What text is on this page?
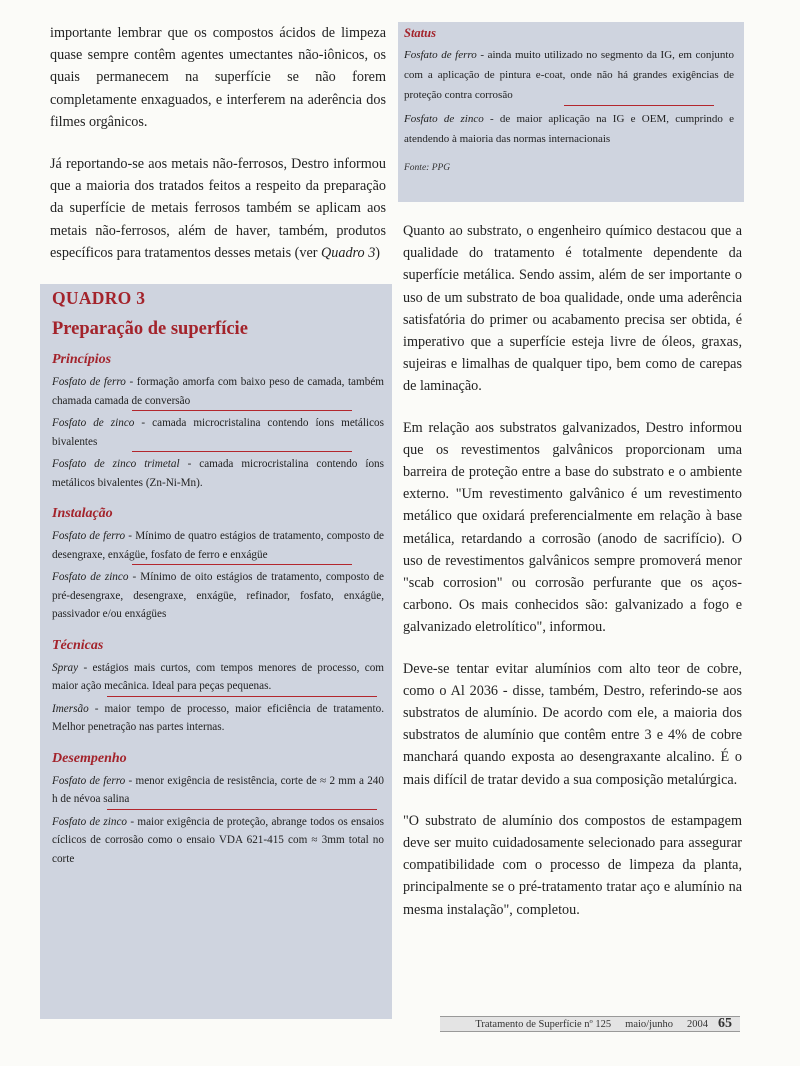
importante lembrar que os compostos ácidos de limpeza quase sempre contêm agentes umectantes não-iônicos, os quais permanecem na superfície se não forem completamente enxaguados, e interferem na aderência dos filmes orgânicos.

Já reportando-se aos metais não-ferrosos, Destro informou que a maioria dos tratados feitos a respeito da preparação da superfície de metais ferrosos também se aplicam aos metais não-ferrosos, além de haver, também, produtos específicos para tratamentos desses metais (ver Quadro 3)

QUADRO 3
Preparação de superfície
Princípios

Fosfato de ferro - formação amorfa com baixo peso de camada, também chamada camada de conversão

Fosfato de zinco - camada microcristalina contendo íons metálicos bivalentes

Fosfato de zinco trimetal - camada microcristalina contendo íons metálicos bivalentes (Zn-Ni-Mn).

Instalação

Fosfato de ferro - Mínimo de quatro estágios de tratamento, composto de desengraxe, enxágüe, fosfato de ferro e enxágüe

Fosfato de zinco - Mínimo de oito estágios de tratamento, composto de pré-desengraxe, desengraxe, enxágüe, refinador, fosfato, enxágüe, passivador e/ou enxágües

Técnicas

Spray - estágios mais curtos, com tempos menores de processo, com maior ação mecânica. Ideal para peças pequenas.

Imersão - maior tempo de processo, maior eficiência de tratamento. Melhor penetração nas partes internas.

Desempenho

Fosfato de ferro - menor exigência de resistência, corte de ≈ 2 mm a 240 h de névoa salina

Fosfato de zinco - maior exigência de proteção, abrange todos os ensaios cíclicos de corrosão como o ensaio VDA 621-415 com ≈ 3mm total no corte

Status

Fosfato de ferro - ainda muito utilizado no segmento da IG, em conjunto com a aplicação de pintura e-coat, onde não há grandes exigências de proteção contra corrosão

Fosfato de zinco - de maior aplicação na IG e OEM, cumprindo e atendendo à maioria das normas internacionais

Fonte: PPG

Quanto ao substrato, o engenheiro químico destacou que a qualidade do tratamento é totalmente dependente da superfície metálica. Sendo assim, além de ser importante o uso de um substrato de boa qualidade, onde uma aderência satisfatória do primer ou acabamento precisa ser obtida, é imperativo que a superfície esteja livre de óleos, graxas, sujeiras e limalhas de qualquer tipo, bem como de carepas de laminação.

Em relação aos substratos galvanizados, Destro informou que os revestimentos galvânicos proporcionam uma barreira de proteção entre a base do substrato e o ambiente externo. "Um revestimento galvânico é um revestimento metálico que oxidará preferencialmente em relação à base metálica, retardando a corrosão (anodo de sacrifício). O uso de revestimentos galvânicos sempre promoverá menor "scab corrosion" ou corrosão perfurante que os aços-carbono. Os mais conhecidos são: galvanizado a fogo e galvanizado eletrolítico", informou.

Deve-se tentar evitar alumínios com alto teor de cobre, como o Al 2036 - disse, também, Destro, referindo-se aos substratos de alumínio. De acordo com ele, a maioria dos substratos de alumínio que contêm entre 3 e 4% de cobre manchará quando exposta ao desengraxante alcalino. É o mais difícil de tratar devido a sua composição metalúrgica.

"O substrato de alumínio dos compostos de estampagem deve ser muito cuidadosamente selecionado para assegurar compatibilidade com o processo de limpeza da planta, principalmente se o pré-tratamento tratar aço e alumínio na mesma instalação", completou.

Tratamento de Superfície nº 125 maio/junho 2004 65
